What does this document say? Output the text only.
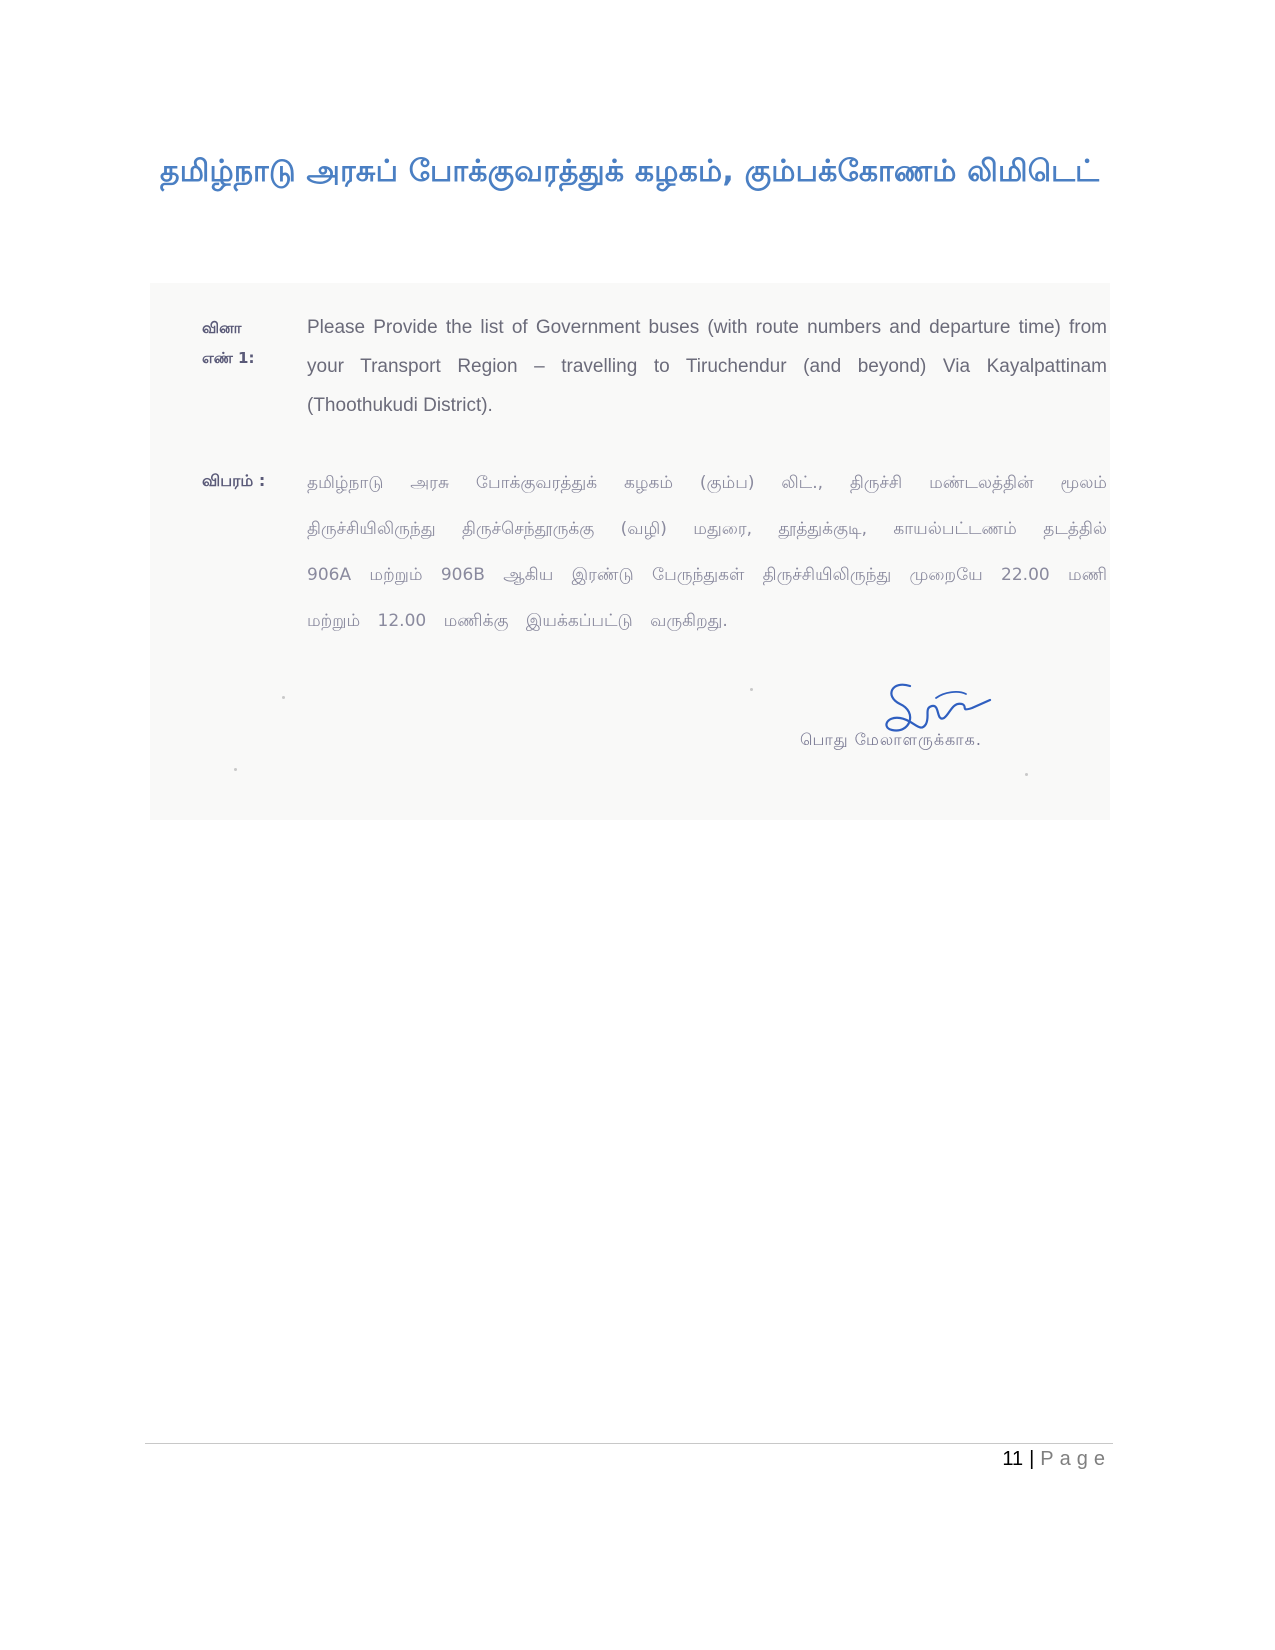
தமிழ்நாடு அரசுப் போக்குவரத்துக் கழகம், கும்பக்கோணம் லிமிடெட்
வினா
எண் 1:
Please Provide the list of Government buses (with route numbers and departure time) from your Transport Region – travelling to Tiruchendur (and beyond) Via Kayalpattinam (Thoothukudi District).
விபரம் :	தமிழ்நாடு அரசு போக்குவரத்துக் கழகம் (கும்ப) லிட்., திருச்சி மண்டலத்தின் மூலம் திருச்சியிலிருந்து திருச்செந்தூருக்கு (வழி) மதுரை, தூத்துக்குடி, காயல்பட்டணம் தடத்தில் 906A மற்றும் 906B ஆகிய இரண்டு பேருந்துகள் திருச்சியிலிருந்து முறையே 22.00 மணி மற்றும் 12.00 மணிக்கு இயக்கப்பட்டு வருகிறது.
பொது மேலாளருக்காக.
11 | Page
